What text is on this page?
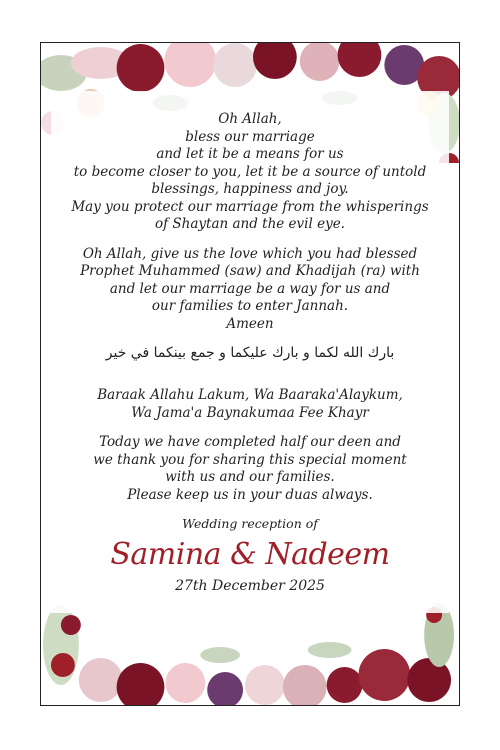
Oh Allah,
bless our marriage
and let it be a means for us
to become closer to you, let it be a source of untold
blessings, happiness and joy.
May you protect our marriage from the whisperings
of Shaytan and the evil eye.
Oh Allah, give us the love which you had blessed
Prophet Muhammed (saw) and Khadijah (ra) with
and let our marriage be a way for us and
our families to enter Jannah.
Ameen
بارك الله لكما و بارك عليكما و جمع بينكما في خير
Baraak Allahu Lakum, Wa Baaraka'Alaykum,
Wa Jama'a Baynakumaa Fee Khayr
Today we have completed half our deen and
we thank you for sharing this special moment
with us and our families.
Please keep us in your duas always.
Wedding reception of
Samina & Nadeem
27th December 2025
